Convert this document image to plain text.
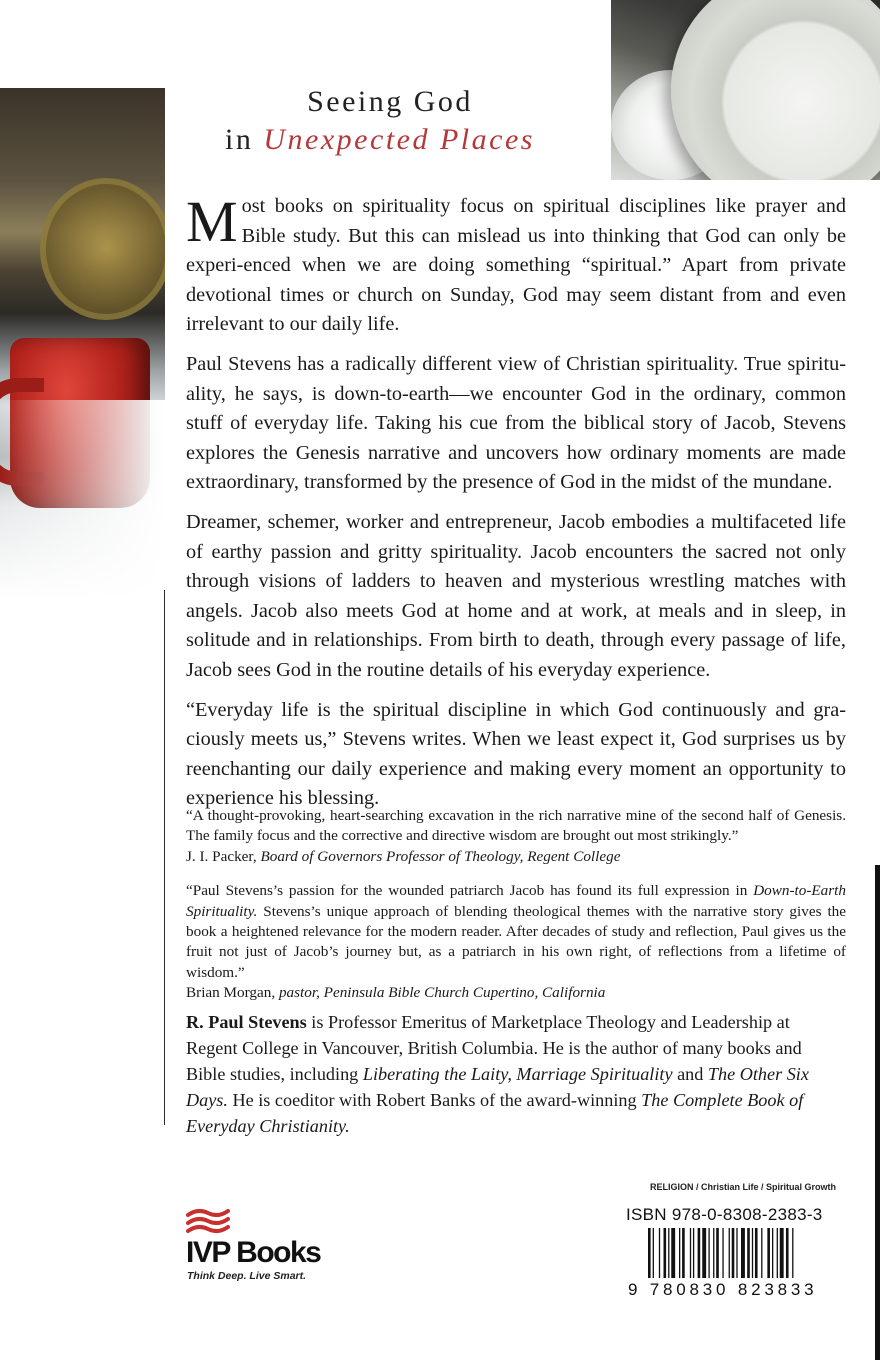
Seeing God
in Unexpected Places

Most books on spirituality focus on spiritual disciplines like prayer and Bible study. But this can mislead us into thinking that God can only be experi-enced when we are doing something “spiritual.” Apart from private devotional times or church on Sunday, God may seem distant from and even irrelevant to our daily life.

Paul Stevens has a radically different view of Christian spirituality. True spiritu-ality, he says, is down-to-earth—we encounter God in the ordinary, common stuff of everyday life. Taking his cue from the biblical story of Jacob, Stevens explores the Genesis narrative and uncovers how ordinary moments are made extraordinary, transformed by the presence of God in the midst of the mundane.

Dreamer, schemer, worker and entrepreneur, Jacob embodies a multifaceted life of earthy passion and gritty spirituality. Jacob encounters the sacred not only through visions of ladders to heaven and mysterious wrestling matches with angels. Jacob also meets God at home and at work, at meals and in sleep, in solitude and in relationships. From birth to death, through every passage of life, Jacob sees God in the routine details of his everyday experience.

“Everyday life is the spiritual discipline in which God continuously and gra-ciously meets us,” Stevens writes. When we least expect it, God surprises us by reenchanting our daily experience and making every moment an opportunity to experience his blessing.

“A thought-provoking, heart-searching excavation in the rich narrative mine of the second half of Genesis. The family focus and the corrective and directive wisdom are brought out most strikingly.”

J. I. Packer, Board of Governors Professor of Theology, Regent College

“Paul Stevens’s passion for the wounded patriarch Jacob has found its full expression in Down-to-Earth Spirituality. Stevens’s unique approach of blending theological themes with the narrative story gives the book a heightened relevance for the modern reader. After decades of study and reflection, Paul gives us the fruit not just of Jacob’s journey but, as a patriarch in his own right, of reflections from a lifetime of wisdom.”

Brian Morgan, pastor, Peninsula Bible Church Cupertino, California

R. Paul Stevens is Professor Emeritus of Marketplace Theology and Leadership at Regent College in Vancouver, British Columbia. He is the author of many books and Bible studies, including Liberating the Laity, Marriage Spirituality and The Other Six Days. He is coeditor with Robert Banks of the award-winning The Complete Book of Everyday Christianity.

IVP Books
Think Deep. Live Smart.
RELIGION / Christian Life / Spiritual Growth
ISBN 978-0-8308-2383-3
9 780830 823833
